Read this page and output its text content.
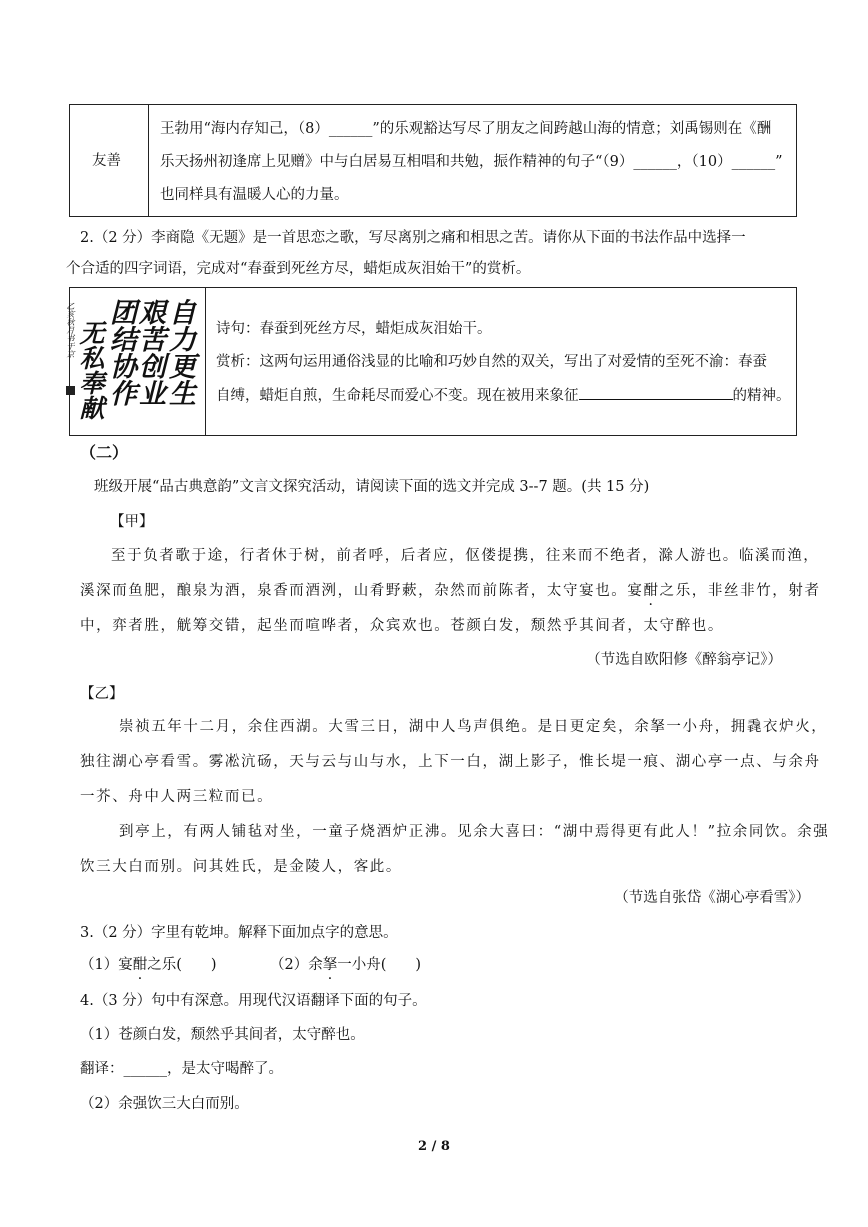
友善
王勃用“海内存知己，（8）______”的乐观豁达写尽了朋友之间跨越山海的情意；刘禹锡则在《酬
乐天扬州初逢席上见赠》中与白居易互相唱和共勉，振作精神的句子“（9）______，（10）______”
也同样具有温暖人心的力量。
2.（2 分）李商隐《无题》是一首思恋之歌，写尽离别之痛和相思之苦。请你从下面的书法作品中选择一
个合适的四字词语，完成对“春蚕到死丝方尽，蜡炬成灰泪始干”的赏析。
自力更生
艰苦创业
团结协作
无私奉献
乙亥秋月书于京	诗句：春蚕到死丝方尽，蜡炬成灰泪始干。
赏析：这两句运用通俗浅显的比喻和巧妙自然的双关，写出了对爱情的至死不渝：春蚕
自缚，蜡炬自煎，生命耗尽而爱心不变。现在被用来象征	的精神。
（二）
班级开展“品古典意韵”文言文探究活动，请阅读下面的选文并完成 3--7 题。(共 15 分)
【甲】
至于负者歌于途，行者休于树，前者呼，后者应，伛偻提携，往来而不绝者，滁人游也。临溪而渔，
溪深而鱼肥，酿泉为酒，泉香而酒洌，山肴野蔌，杂然而前陈者，太守宴也。宴酣之乐，非丝非竹，射者
中，弈者胜，觥筹交错，起坐而喧哗者，众宾欢也。苍颜白发，颓然乎其间者，太守醉也。
（节选自欧阳修《醉翁亭记》）
【乙】
崇祯五年十二月，余住西湖。大雪三日，湖中人鸟声俱绝。是日更定矣，余拏一小舟，拥毳衣炉火，
独往湖心亭看雪。雾凇沆砀，天与云与山与水，上下一白，湖上影子，惟长堤一痕、湖心亭一点、与余舟
一芥、舟中人两三粒而已。
到亭上，有两人铺毡对坐，一童子烧酒炉正沸。见余大喜曰：“湖中焉得更有此人！”拉余同饮。余强
饮三大白而别。问其姓氏，是金陵人，客此。
（节选自张岱《湖心亭看雪》）
3.（2 分）字里有乾坤。解释下面加点字的意思。
（1）宴酣之乐(　　)	（2）余拏一小舟(　　)
4.（3 分）句中有深意。用现代汉语翻译下面的句子。
（1）苍颜白发，颓然乎其间者，太守醉也。
翻译：______，是太守喝醉了。
（2）余强饮三大白而别。
2 / 8
